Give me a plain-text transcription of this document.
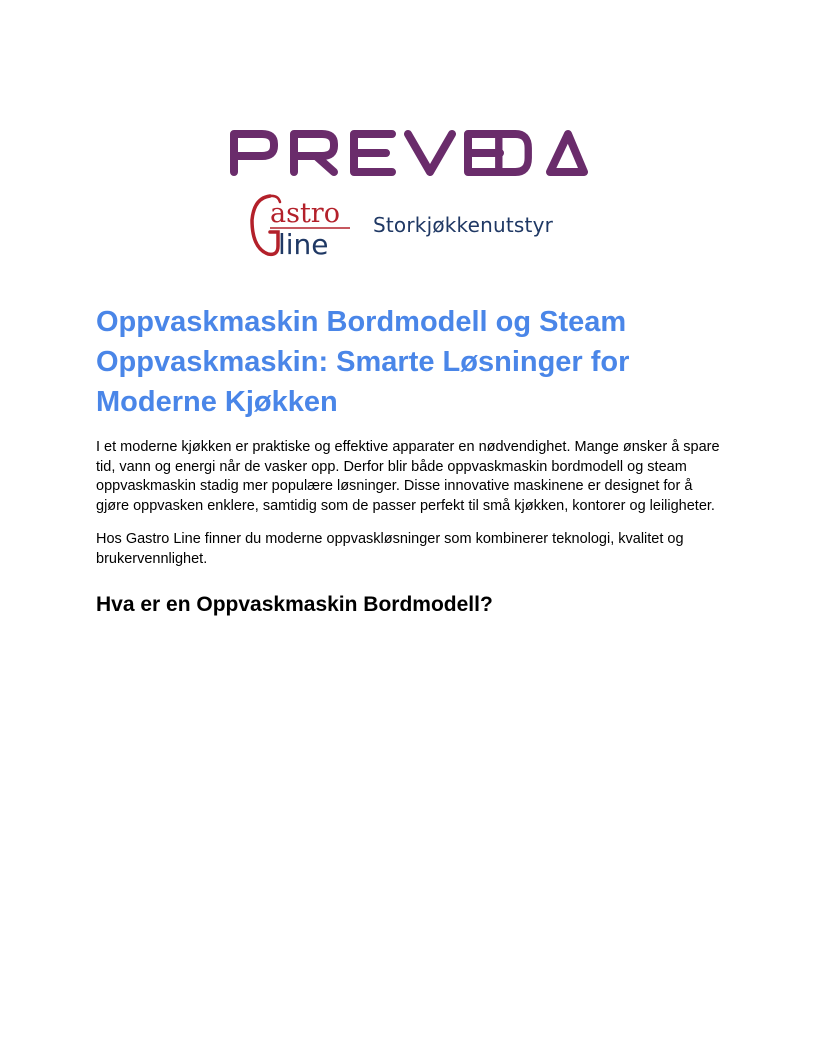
astro
line
Storkjøkkenutstyr
Oppvaskmaskin Bordmodell og Steam Oppvaskmaskin: Smarte Løsninger for Moderne Kjøkken

I et moderne kjøkken er praktiske og effektive apparater en nødvendighet. Mange ønsker å spare tid, vann og energi når de vasker opp. Derfor blir både oppvaskmaskin bordmodell og steam oppvaskmaskin stadig mer populære løsninger. Disse innovative maskinene er designet for å gjøre oppvasken enklere, samtidig som de passer perfekt til små kjøkken, kontorer og leiligheter.

Hos Gastro Line finner du moderne oppvaskløsninger som kombinerer teknologi, kvalitet og brukervennlighet.

Hva er en Oppvaskmaskin Bordmodell?
